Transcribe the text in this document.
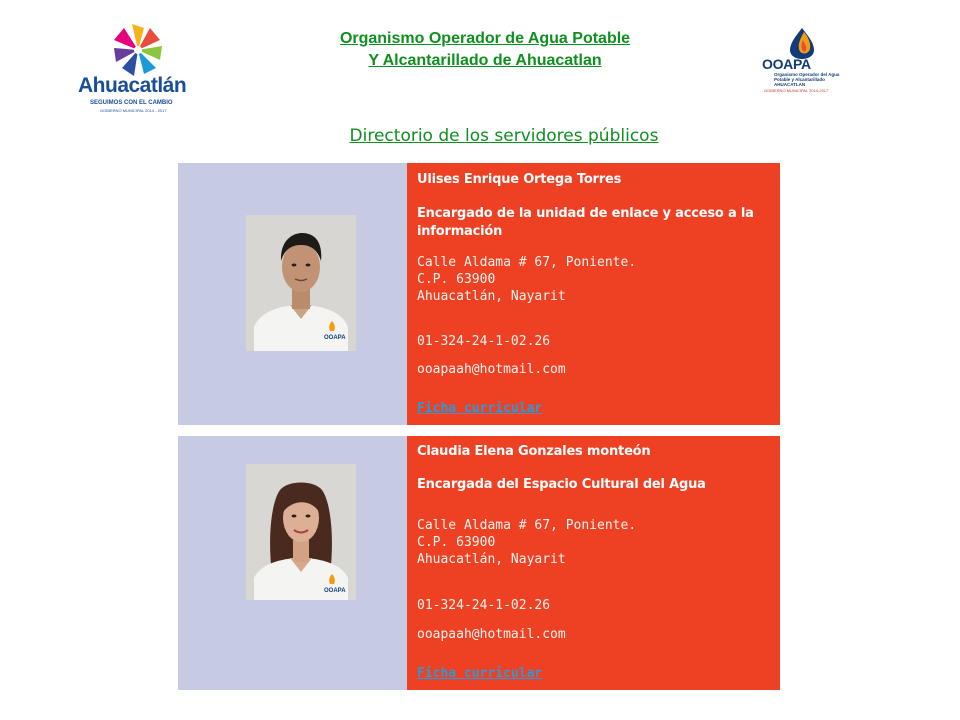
Ahuacatlán
SEGUIMOS CON EL CAMBIO
GOBIERNO MUNICIPAL 2014 - 2017
Organismo Operador de Agua Potable
Y Alcantarillado de Ahuacatlan
Directorio de los servidores públicos
OOAPA
Organismo Operador del Agua Potable y Alcantarillado AHUACATLAN
GOBIERNO MUNICIPAL 2014-2017
OOAPA
Ulises Enrique Ortega Torres
Encargado de la unidad de enlace y acceso a la información
Calle Aldama # 67, Poniente.
C.P. 63900
Ahuacatlán, Nayarit
01-324-24-1-02.26
ooapaah@hotmail.com
Ficha curricular
OOAPA
Claudia Elena Gonzales monteón
Encargada del Espacio Cultural del Agua
Calle Aldama # 67, Poniente.
C.P. 63900
Ahuacatlán, Nayarit
01-324-24-1-02.26
ooapaah@hotmail.com
Ficha curricular
